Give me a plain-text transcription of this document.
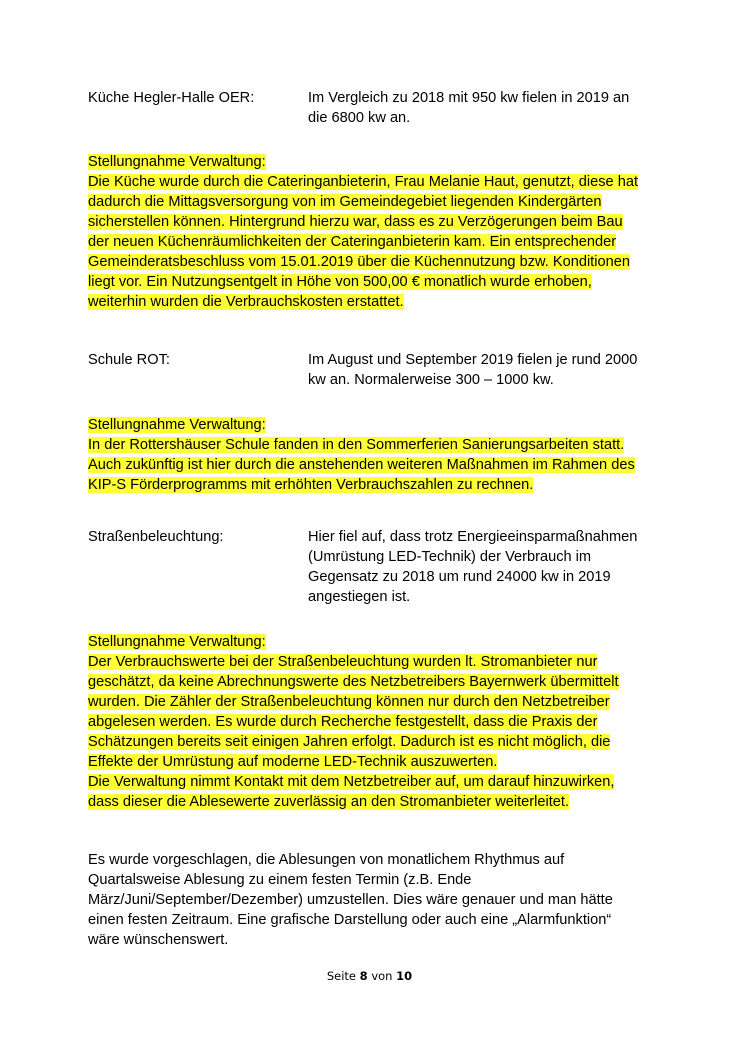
Küche Hegler-Halle OER:	Im Vergleich zu 2018 mit 950 kw fielen in 2019 an
die 6800 kw an.
Stellungnahme Verwaltung:
Die Küche wurde durch die Cateringanbieterin, Frau Melanie Haut, genutzt, diese hat
dadurch die Mittagsversorgung von im Gemeindegebiet liegenden Kindergärten
sicherstellen können. Hintergrund hierzu war, dass es zu Verzögerungen beim Bau
der neuen Küchenräumlichkeiten der Cateringanbieterin kam. Ein entsprechender
Gemeinderatsbeschluss vom 15.01.2019 über die Küchennutzung bzw. Konditionen
liegt vor. Ein Nutzungsentgelt in Höhe von 500,00 € monatlich wurde erhoben,
weiterhin wurden die Verbrauchskosten erstattet.
Schule ROT:	Im August und September 2019 fielen je rund 2000
kw an. Normalerweise 300 – 1000 kw.
Stellungnahme Verwaltung:
In der Rottershäuser Schule fanden in den Sommerferien Sanierungsarbeiten statt.
Auch zukünftig ist hier durch die anstehenden weiteren Maßnahmen im Rahmen des
KIP-S Förderprogramms mit erhöhten Verbrauchszahlen zu rechnen.
Straßenbeleuchtung:	Hier fiel auf, dass trotz Energieeinsparmaßnahmen
(Umrüstung LED-Technik) der Verbrauch im
Gegensatz zu 2018 um rund 24000 kw in 2019
angestiegen ist.
Stellungnahme Verwaltung:
Der Verbrauchswerte bei der Straßenbeleuchtung wurden lt. Stromanbieter nur
geschätzt, da keine Abrechnungswerte des Netzbetreibers Bayernwerk übermittelt
wurden. Die Zähler der Straßenbeleuchtung können nur durch den Netzbetreiber
abgelesen werden. Es wurde durch Recherche festgestellt, dass die Praxis der
Schätzungen bereits seit einigen Jahren erfolgt. Dadurch ist es nicht möglich, die
Effekte der Umrüstung auf moderne LED-Technik auszuwerten.
Die Verwaltung nimmt Kontakt mit dem Netzbetreiber auf, um darauf hinzuwirken,
dass dieser die Ablesewerte zuverlässig an den Stromanbieter weiterleitet.
Es wurde vorgeschlagen, die Ablesungen von monatlichem Rhythmus auf
Quartalsweise Ablesung zu einem festen Termin (z.B. Ende
März/Juni/September/Dezember) umzustellen. Dies wäre genauer und man hätte
einen festen Zeitraum. Eine grafische Darstellung oder auch eine „Alarmfunktion“
wäre wünschenswert.
Seite 8 von 10
